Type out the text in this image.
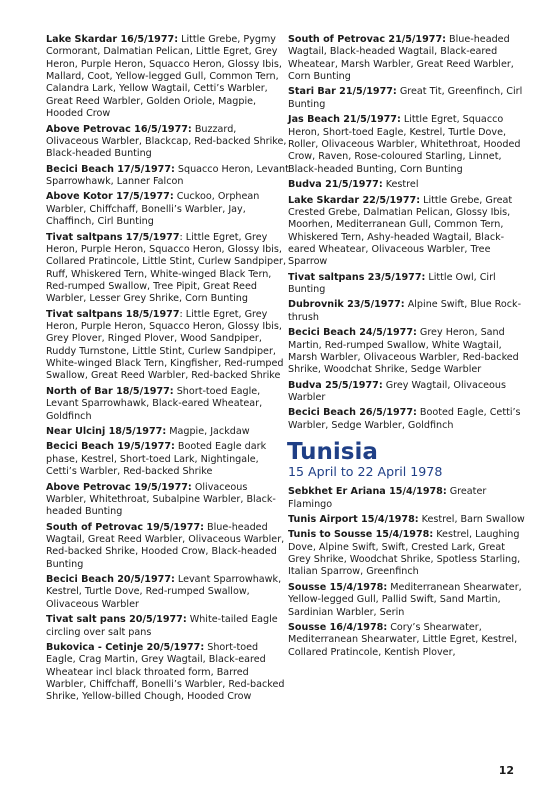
Lake Skardar 16/5/1977: Little Grebe, Pygmy Cormorant, Dalmatian Pelican, Little Egret, Grey Heron, Purple Heron, Squacco Heron, Glossy Ibis, Mallard, Coot, Yellow-legged Gull, Common Tern, Calandra Lark, Yellow Wagtail, Cetti’s Warbler, Great Reed Warbler, Golden Oriole, Magpie, Hooded Crow

Above Petrovac 16/5/1977: Buzzard, Olivaceous Warbler, Blackcap, Red-backed Shrike, Black-headed Bunting

Becici Beach 17/5/1977: Squacco Heron, Levant Sparrowhawk, Lanner Falcon

Above Kotor 17/5/1977: Cuckoo, Orphean Warbler, Chiffchaff, Bonelli’s Warbler, Jay, Chaffinch, Cirl Bunting

Tivat saltpans 17/5/1977: Little Egret, Grey Heron, Purple Heron, Squacco Heron, Glossy Ibis, Collared Pratincole, Little Stint, Curlew Sandpiper, Ruff, Whiskered Tern, White-winged Black Tern, Red-rumped Swallow, Tree Pipit, Great Reed Warbler, Lesser Grey Shrike, Corn Bunting

Tivat saltpans 18/5/1977: Little Egret, Grey Heron, Purple Heron, Squacco Heron, Glossy Ibis, Grey Plover, Ringed Plover, Wood Sandpiper, Ruddy Turnstone, Little Stint, Curlew Sandpiper, White-winged Black Tern, Kingfisher, Red-rumped Swallow, Great Reed Warbler, Red-backed Shrike

North of Bar 18/5/1977: Short-toed Eagle, Levant Sparrowhawk, Black-eared Wheatear, Goldfinch

Near Ulcinj 18/5/1977: Magpie, Jackdaw

Becici Beach 19/5/1977: Booted Eagle dark phase, Kestrel, Short-toed Lark, Nightingale, Cetti’s Warbler, Red-backed Shrike

Above Petrovac 19/5/1977: Olivaceous Warbler, Whitethroat, Subalpine Warbler, Black-headed Bunting

South of Petrovac 19/5/1977: Blue-headed Wagtail, Great Reed Warbler, Olivaceous Warbler, Red-backed Shrike, Hooded Crow, Black-headed Bunting

Becici Beach 20/5/1977: Levant Sparrowhawk, Kestrel, Turtle Dove, Red-rumped Swallow, Olivaceous Warbler

Tivat salt pans 20/5/1977: White-tailed Eagle circling over salt pans

Bukovica - Cetinje 20/5/1977: Short-toed Eagle, Crag Martin, Grey Wagtail, Black-eared Wheatear incl black throated form, Barred Warbler, Chiffchaff, Bonelli’s Warbler, Red-backed Shrike, Yellow-billed Chough, Hooded Crow

South of Petrovac 21/5/1977: Blue-headed Wagtail, Black-headed Wagtail, Black-eared Wheatear, Marsh Warbler, Great Reed Warbler, Corn Bunting

Stari Bar 21/5/1977: Great Tit, Greenfinch, Cirl Bunting

Jas Beach 21/5/1977: Little Egret, Squacco Heron, Short-toed Eagle, Kestrel, Turtle Dove, Roller, Olivaceous Warbler, Whitethroat, Hooded Crow, Raven, Rose-coloured Starling, Linnet, Black-headed Bunting, Corn Bunting

Budva 21/5/1977: Kestrel

Lake Skardar 22/5/1977: Little Grebe, Great Crested Grebe, Dalmatian Pelican, Glossy Ibis, Moorhen, Mediterranean Gull, Common Tern, Whiskered Tern, Ashy-headed Wagtail, Black-eared Wheatear, Olivaceous Warbler, Tree Sparrow

Tivat saltpans 23/5/1977: Little Owl, Cirl Bunting

Dubrovnik 23/5/1977: Alpine Swift, Blue Rock-thrush

Becici Beach 24/5/1977: Grey Heron, Sand Martin, Red-rumped Swallow, White Wagtail, Marsh Warbler, Olivaceous Warbler, Red-backed Shrike, Woodchat Shrike, Sedge Warbler

Budva 25/5/1977: Grey Wagtail, Olivaceous Warbler

Becici Beach 26/5/1977: Booted Eagle, Cetti’s Warbler, Sedge Warbler, Goldfinch

Tunisia
15 April to 22 April 1978

Sebkhet Er Ariana 15/4/1978: Greater Flamingo

Tunis Airport 15/4/1978: Kestrel, Barn Swallow

Tunis to Sousse 15/4/1978: Kestrel, Laughing Dove, Alpine Swift, Swift, Crested Lark, Great Grey Shrike, Woodchat Shrike, Spotless Starling, Italian Sparrow, Greenfinch

Sousse 15/4/1978: Mediterranean Shearwater, Yellow-legged Gull, Pallid Swift, Sand Martin, Sardinian Warbler, Serin

Sousse 16/4/1978: Cory’s Shearwater, Mediterranean Shearwater, Little Egret, Kestrel, Collared Pratincole, Kentish Plover,

12
